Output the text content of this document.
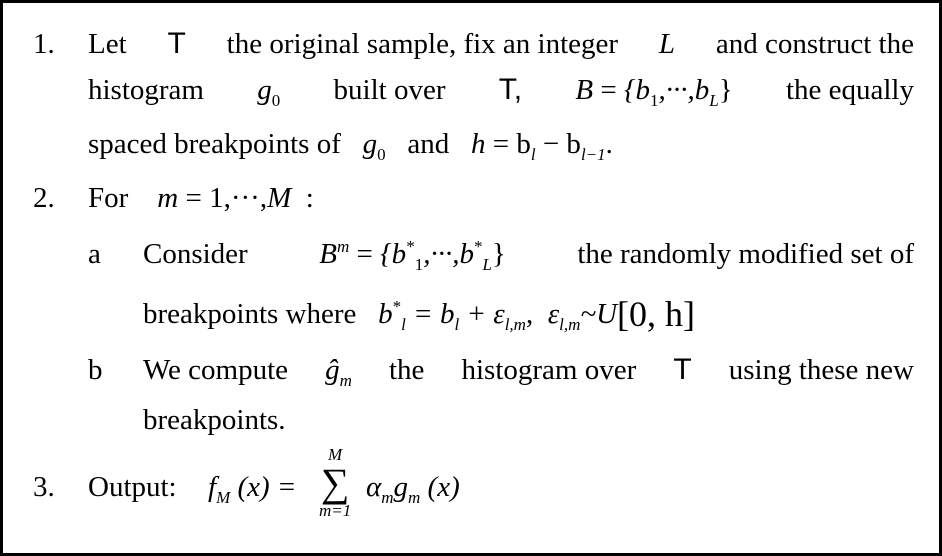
1. Let T the original sample, fix an integer L and construct the
histogram $g_0$ built over T, $B = \{b_1,\cdot\cdot\cdot,b_L\}$ the equally
spaced breakpoints of $g_0$ and $h = b_l - b_{l-1}$.
2. For m = 1,···,M :
a Consider $B^m = \{b^*_1,\cdot\cdot\cdot,b^*_L\}$ the randomly modified set of
breakpoints where $b^*_l = b_l + \varepsilon_{l,m}$, $\varepsilon_{l,m}\sim U[0$, h]
b We compute $ĝ_m$ the histogram over T using these new
breakpoints.
3. Output: $f_M$ (x) =
M
∑
m=1
$\alpha_mg_m$ (x)
